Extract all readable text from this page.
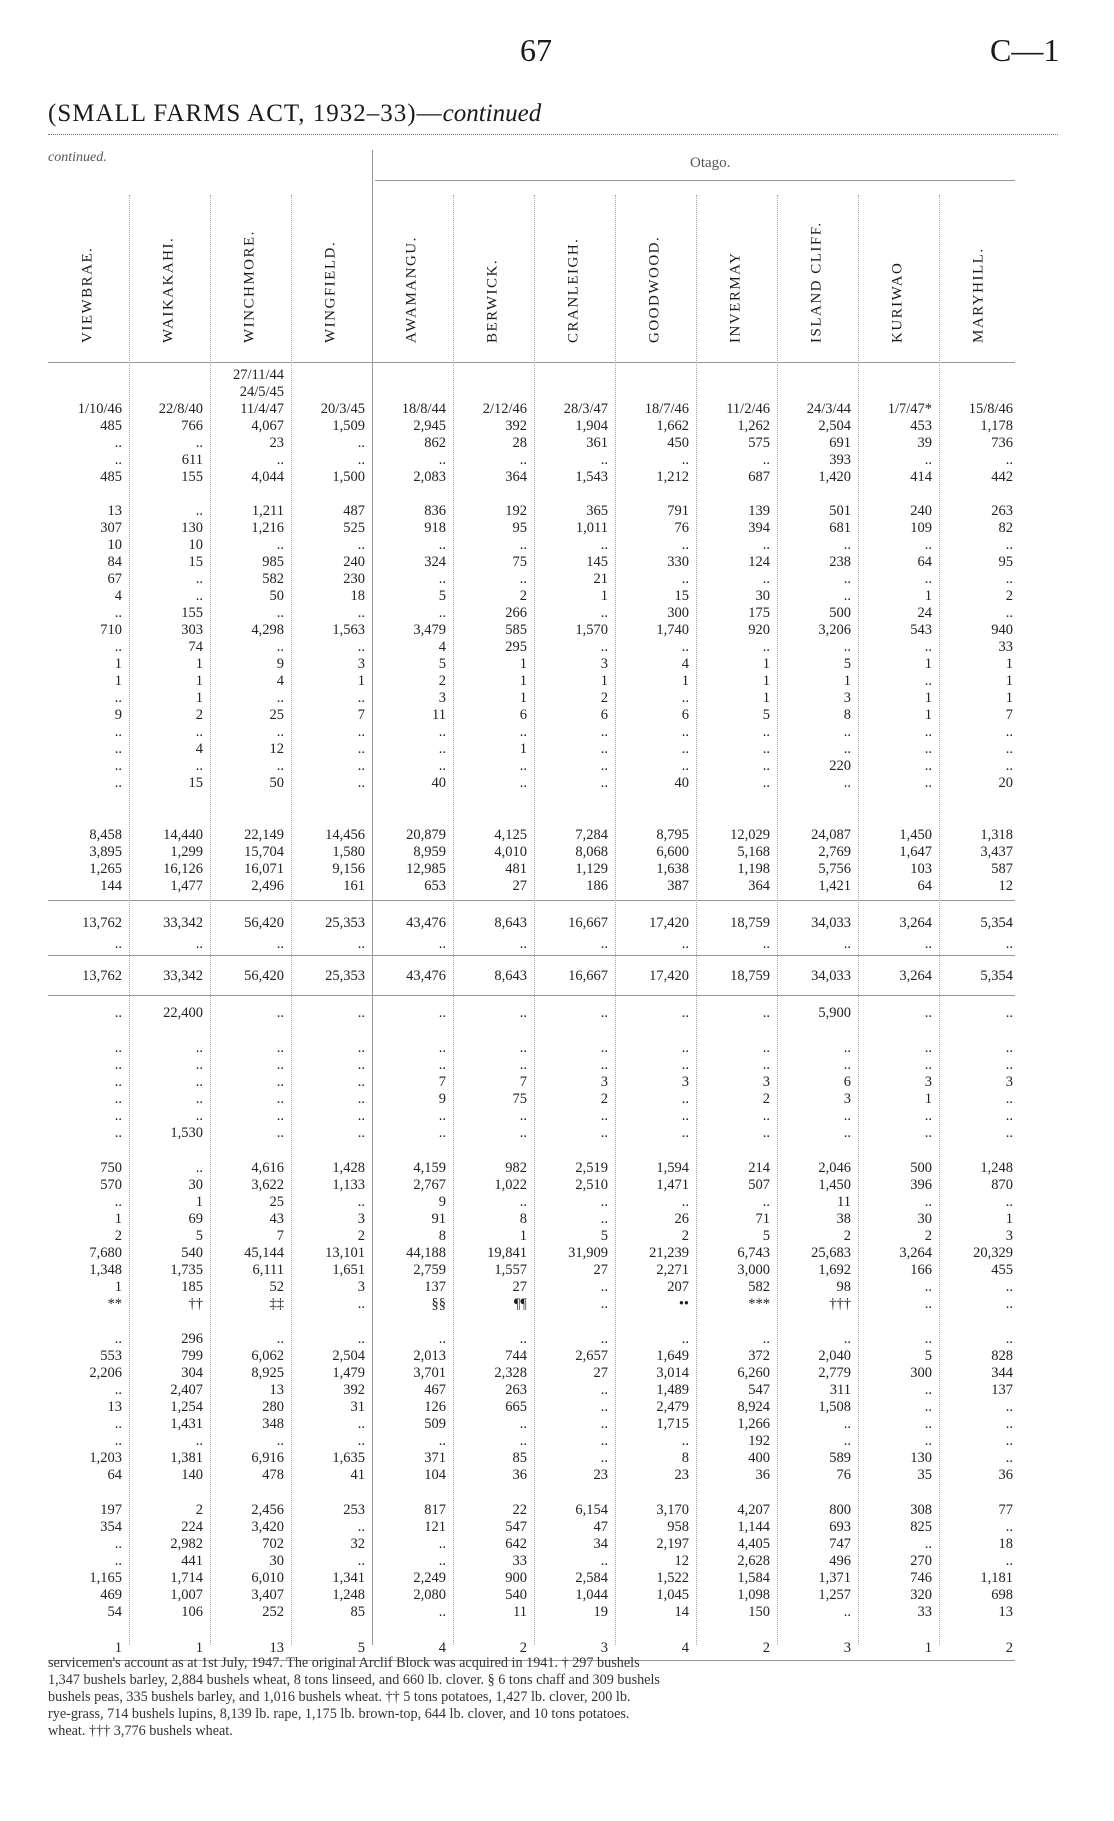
67	C—1
(SMALL FARMS ACT, 1932–33)—continued
continued.	Otago.
VIEWBRAE.
1/10/46
485
..
..
485
13
307
10
84
67
4
..
710
..
1
1
..
9
..
..
..
..
8,458
3,895
1,265
144
13,762
..
13,762
..
..
..
..
..
..
..
750
570
..
1
2
7,680
1,348
1
**
..
553
2,206
..
13
..
..
1,203
64
197
354
..
..
1,165
469
54
1
WAIKAKAHI.
22/8/40
766
..
611
155
..
130
10
15
..
..
155
303
74
1
1
1
2
..
4
..
15
14,440
1,299
16,126
1,477
33,342
..
33,342
22,400
..
..
..
..
..
1,530
..
30
1
69
5
540
1,735
185
††
296
799
304
2,407
1,254
1,431
..
1,381
140
2
224
2,982
441
1,714
1,007
106
1
WINCHMORE.
27/11/44
24/5/45
11/4/47
4,067
23
..
4,044
1,211
1,216
..
985
582
50
..
4,298
..
9
4
..
25
..
12
..
50
22,149
15,704
16,071
2,496
56,420
..
56,420
..
..
..
..
..
..
..
4,616
3,622
25
43
7
45,144
6,111
52
‡‡
..
6,062
8,925
13
280
348
..
6,916
478
2,456
3,420
702
30
6,010
3,407
252
13
WINGFIELD.
20/3/45
1,509
..
..
1,500
487
525
..
240
230
18
..
1,563
..
3
1
..
7
..
..
..
..
14,456
1,580
9,156
161
25,353
..
25,353
..
..
..
..
..
..
..
1,428
1,133
..
3
2
13,101
1,651
3
..
..
2,504
1,479
392
31
..
..
1,635
41
253
..
32
..
1,341
1,248
85
5
AWAMANGU.
18/8/44
2,945
862
..
2,083
836
918
..
324
..
5
..
3,479
4
5
2
3
11
..
..
..
40
20,879
8,959
12,985
653
43,476
..
43,476
..
..
..
7
9
..
..
4,159
2,767
9
91
8
44,188
2,759
137
§§
..
2,013
3,701
467
126
509
..
371
104
817
121
..
..
2,249
2,080
..
4
BERWICK.
2/12/46
392
28
..
364
192
95
..
75
..
2
266
585
295
1
1
1
6
..
1
..
..
4,125
4,010
481
27
8,643
..
8,643
..
..
..
7
75
..
..
982
1,022
..
8
1
19,841
1,557
27
¶¶
..
744
2,328
263
665
..
..
85
36
22
547
642
33
900
540
11
2
CRANLEIGH.
28/3/47
1,904
361
..
1,543
365
1,011
..
145
21
1
..
1,570
..
3
1
2
6
..
..
..
..
7,284
8,068
1,129
186
16,667
..
16,667
..
..
..
3
2
..
..
2,519
2,510
..
..
5
31,909
27
..
..
..
2,657
27
..
..
..
..
..
23
6,154
47
34
..
2,584
1,044
19
3
GOODWOOD.
18/7/46
1,662
450
..
1,212
791
76
..
330
..
15
300
1,740
..
4
1
..
6
..
..
..
40
8,795
6,600
1,638
387
17,420
..
17,420
..
..
..
3
..
..
..
1,594
1,471
..
26
2
21,239
2,271
207
••
..
1,649
3,014
1,489
2,479
1,715
..
8
23
3,170
958
2,197
12
1,522
1,045
14
4
INVERMAY
11/2/46
1,262
575
..
687
139
394
..
124
..
30
175
920
..
1
1
1
5
..
..
..
..
12,029
5,168
1,198
364
18,759
..
18,759
..
..
..
3
2
..
..
214
507
..
71
5
6,743
3,000
582
***
..
372
6,260
547
8,924
1,266
192
400
36
4,207
1,144
4,405
2,628
1,584
1,098
150
2
ISLAND CLIFF.
24/3/44
2,504
691
393
1,420
501
681
..
238
..
..
500
3,206
..
5
1
3
8
..
..
220
..
24,087
2,769
5,756
1,421
34,033
..
34,033
5,900
..
..
6
3
..
..
2,046
1,450
11
38
2
25,683
1,692
98
†††
..
2,040
2,779
311
1,508
..
..
589
76
800
693
747
496
1,371
1,257
..
3
KURIWAO
1/7/47*
453
39
..
414
240
109
..
64
..
1
24
543
..
1
..
1
1
..
..
..
..
1,450
1,647
103
64
3,264
..
3,264
..
..
..
3
1
..
..
500
396
..
30
2
3,264
166
..
..
..
5
300
..
..
..
..
130
35
308
825
..
270
746
320
33
1
MARYHILL.
15/8/46
1,178
736
..
442
263
82
..
95
..
2
..
940
33
1
1
1
7
..
..
..
20
1,318
3,437
587
12
5,354
..
5,354
..
..
..
3
..
..
..
1,248
870
..
1
3
20,329
455
..
..
..
828
344
137
..
..
..
..
36
77
..
18
..
1,181
698
13
2

servicemen's account as at 1st July, 1947. The original Arclif Block was acquired in 1941. † 297 bushels

1,347 bushels barley, 2,884 bushels wheat, 8 tons linseed, and 660 lb. clover. § 6 tons chaff and 309 bushels

bushels peas, 335 bushels barley, and 1,016 bushels wheat. †† 5 tons potatoes, 1,427 lb. clover, 200 lb.

rye-grass, 714 bushels lupins, 8,139 lb. rape, 1,175 lb. brown-top, 644 lb. clover, and 10 tons potatoes.

wheat. ††† 3,776 bushels wheat.
